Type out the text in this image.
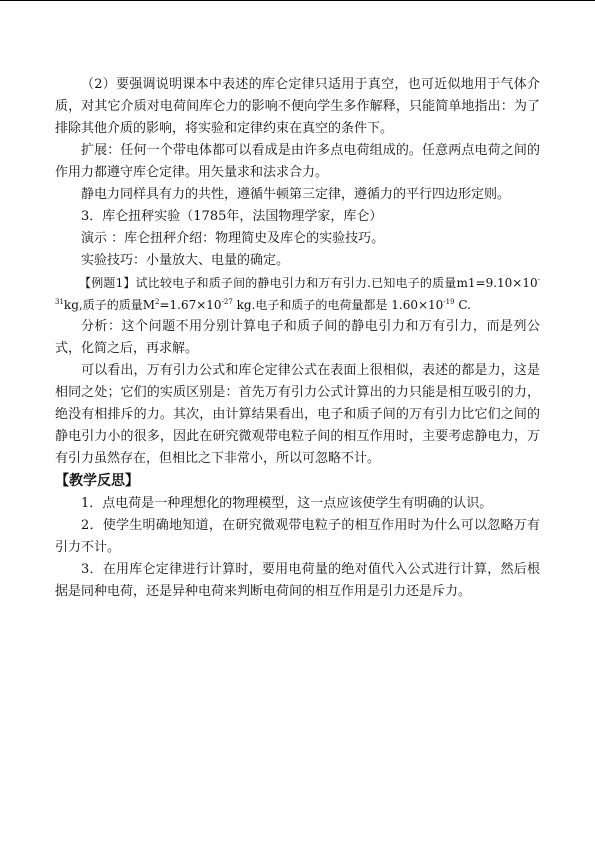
（2）要强调说明课本中表述的库仑定律只适用于真空，也可近似地用于气体介质，对其它介质对电荷间库仑力的影响不便向学生多作解释，只能简单地指出：为了排除其他介质的影响，将实验和定律约束在真空的条件下。

扩展：任何一个带电体都可以看成是由许多点电荷组成的。任意两点电荷之间的作用力都遵守库仑定律。用矢量求和法求合力。

静电力同样具有力的共性，遵循牛顿第三定律，遵循力的平行四边形定则。

3．库仑扭秤实验（1785年，法国物理学家，库仑）

演示 ：库仑扭秤介绍：物理简史及库仑的实验技巧。

实验技巧：小量放大、电量的确定。

【例题1】试比较电子和质子间的静电引力和万有引力.已知电子的质量$m1=9.10\times 10^{-31}kg$,质子的质量$M^2=1.67\times 10^{-27}$ kg.电子和质子的电荷量都是 $1.60\times 10^{-19}$ C.

分析：这个问题不用分别计算电子和质子间的静电引力和万有引力，而是列公式，化简之后，再求解。

可以看出，万有引力公式和库仑定律公式在表面上很相似，表述的都是力，这是相同之处；它们的实质区别是：首先万有引力公式计算出的力只能是相互吸引的力，绝没有相排斥的力。其次，由计算结果看出，电子和质子间的万有引力比它们之间的静电引力小的很多，因此在研究微观带电粒子间的相互作用时，主要考虑静电力，万有引力虽然存在，但相比之下非常小，所以可忽略不计。

【教学反思】

1．点电荷是一种理想化的物理模型，这一点应该使学生有明确的认识。

2．使学生明确地知道，在研究微观带电粒子的相互作用时为什么可以忽略万有引力不计。

3．在用库仑定律进行计算时，要用电荷量的绝对值代入公式进行计算，然后根据是同种电荷，还是异种电荷来判断电荷间的相互作用是引力还是斥力。
